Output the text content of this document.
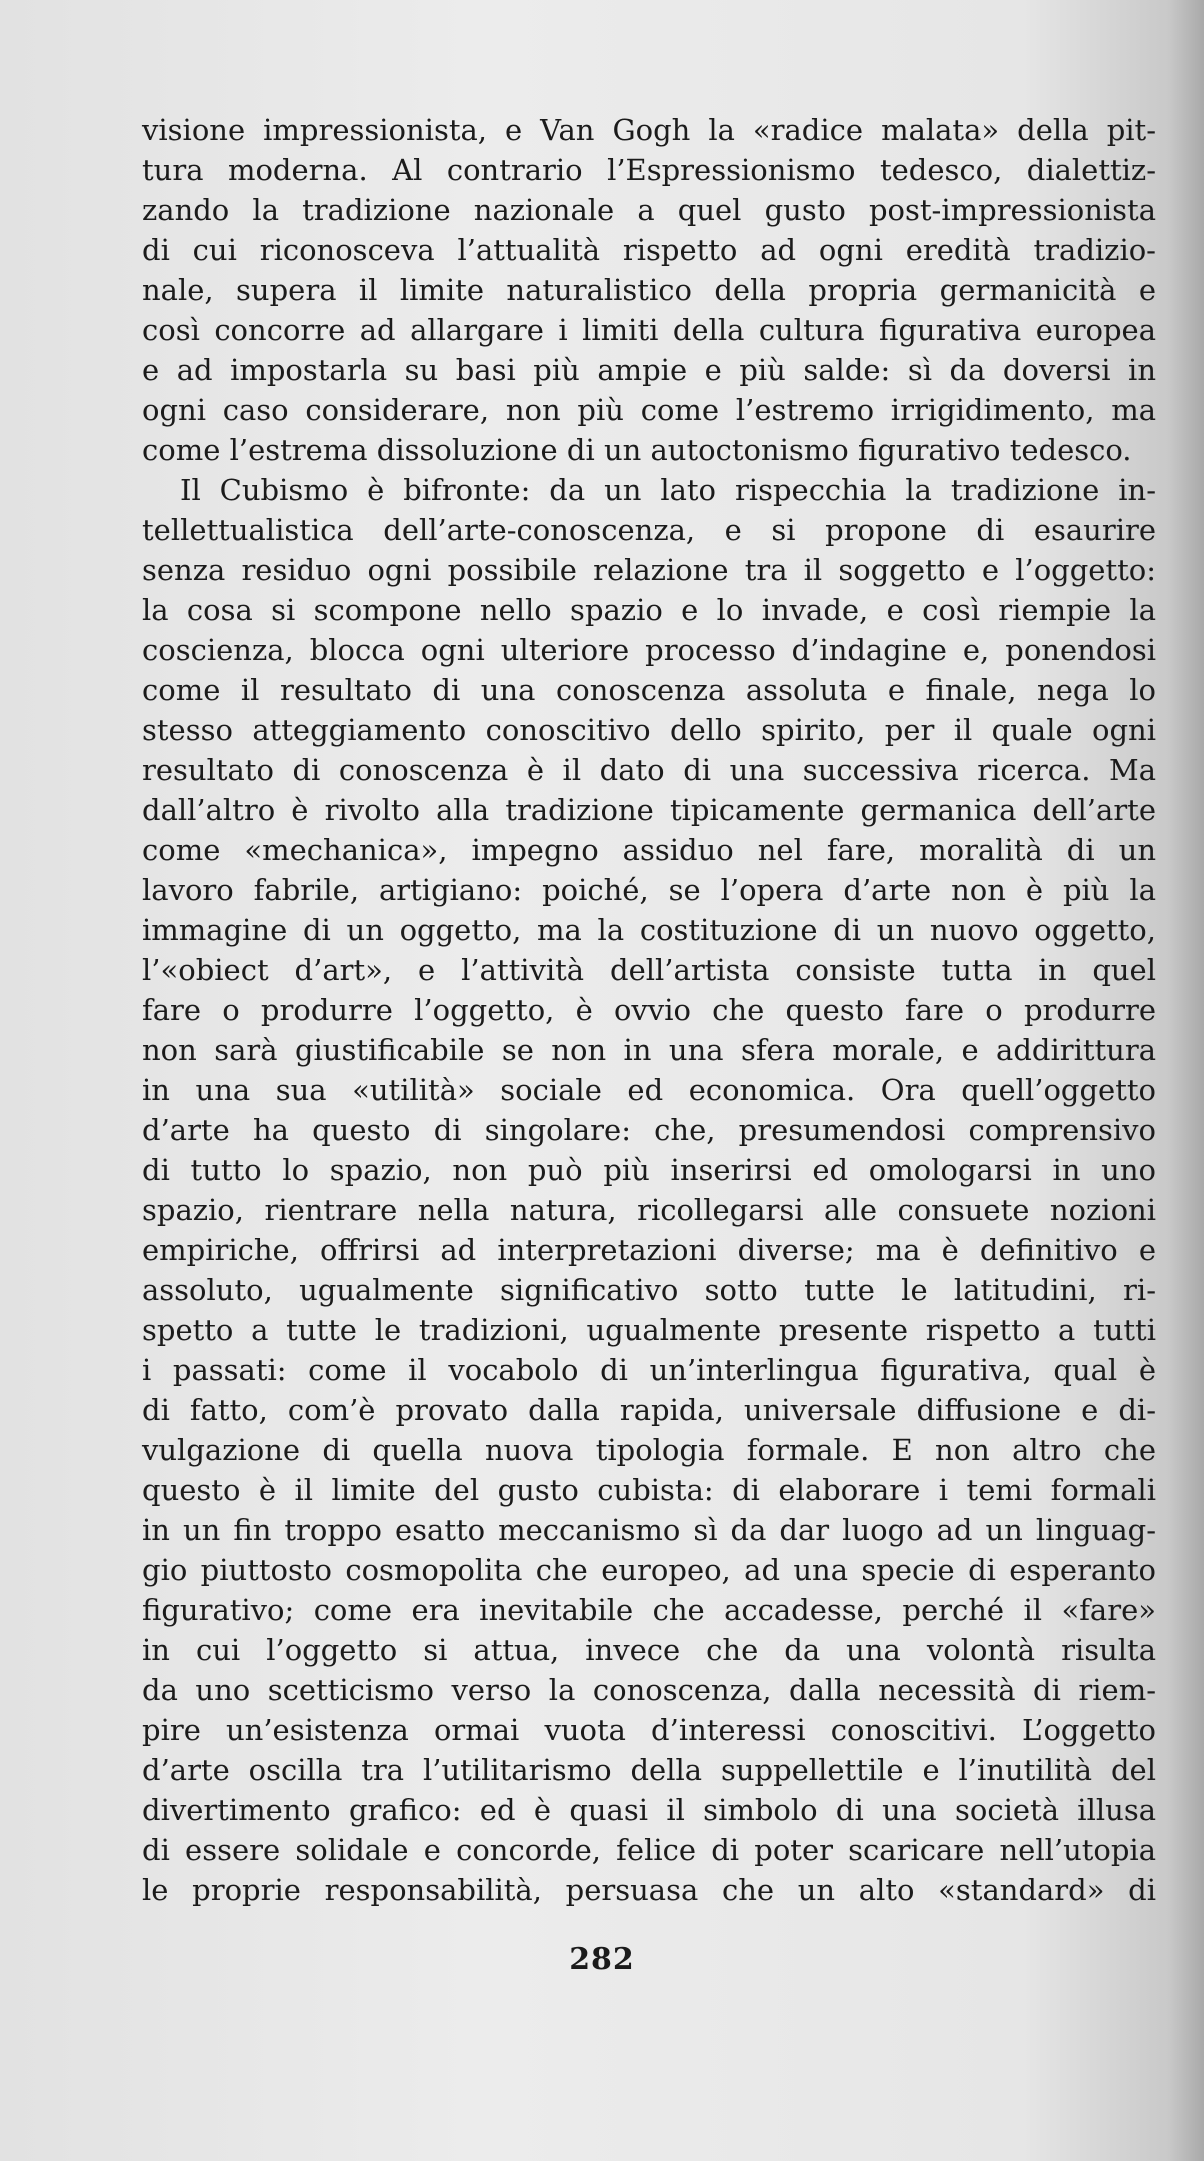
visione impressionista, e Van Gogh la «radice malata» della pit-
tura moderna. Al contrario l’Espressionismo tedesco, dialettiz-
zando la tradizione nazionale a quel gusto post-impressionista
di cui riconosceva l’attualità rispetto ad ogni eredità tradizio-
nale, supera il limite naturalistico della propria germanicità e
così concorre ad allargare i limiti della cultura figurativa europea
e ad impostarla su basi più ampie e più salde: sì da doversi in
ogni caso considerare, non più come l’estremo irrigidimento, ma
come l’estrema dissoluzione di un autoctonismo figurativo tedesco.
Il Cubismo è bifronte: da un lato rispecchia la tradizione in-
tellettualistica dell’arte-conoscenza, e si propone di esaurire
senza residuo ogni possibile relazione tra il soggetto e l’oggetto:
la cosa si scompone nello spazio e lo invade, e così riempie la
coscienza, blocca ogni ulteriore processo d’indagine e, ponendosi
come il resultato di una conoscenza assoluta e finale, nega lo
stesso atteggiamento conoscitivo dello spirito, per il quale ogni
resultato di conoscenza è il dato di una successiva ricerca. Ma
dall’altro è rivolto alla tradizione tipicamente germanica dell’arte
come «mechanica», impegno assiduo nel fare, moralità di un
lavoro fabrile, artigiano: poiché, se l’opera d’arte non è più la
immagine di un oggetto, ma la costituzione di un nuovo oggetto,
l’«obiect d’art», e l’attività dell’artista consiste tutta in quel
fare o produrre l’oggetto, è ovvio che questo fare o produrre
non sarà giustificabile se non in una sfera morale, e addirittura
in una sua «utilità» sociale ed economica. Ora quell’oggetto
d’arte ha questo di singolare: che, presumendosi comprensivo
di tutto lo spazio, non può più inserirsi ed omologarsi in uno
spazio, rientrare nella natura, ricollegarsi alle consuete nozioni
empiriche, offrirsi ad interpretazioni diverse; ma è definitivo e
assoluto, ugualmente significativo sotto tutte le latitudini, ri-
spetto a tutte le tradizioni, ugualmente presente rispetto a tutti
i passati: come il vocabolo di un’interlingua figurativa, qual è
di fatto, com’è provato dalla rapida, universale diffusione e di-
vulgazione di quella nuova tipologia formale. E non altro che
questo è il limite del gusto cubista: di elaborare i temi formali
in un fin troppo esatto meccanismo sì da dar luogo ad un linguag-
gio piuttosto cosmopolita che europeo, ad una specie di esperanto
figurativo; come era inevitabile che accadesse, perché il «fare»
in cui l’oggetto si attua, invece che da una volontà risulta
da uno scetticismo verso la conoscenza, dalla necessità di riem-
pire un’esistenza ormai vuota d’interessi conoscitivi. L’oggetto
d’arte oscilla tra l’utilitarismo della suppellettile e l’inutilità del
divertimento grafico: ed è quasi il simbolo di una società illusa
di essere solidale e concorde, felice di poter scaricare nell’utopia
le proprie responsabilità, persuasa che un alto «standard» di
282
